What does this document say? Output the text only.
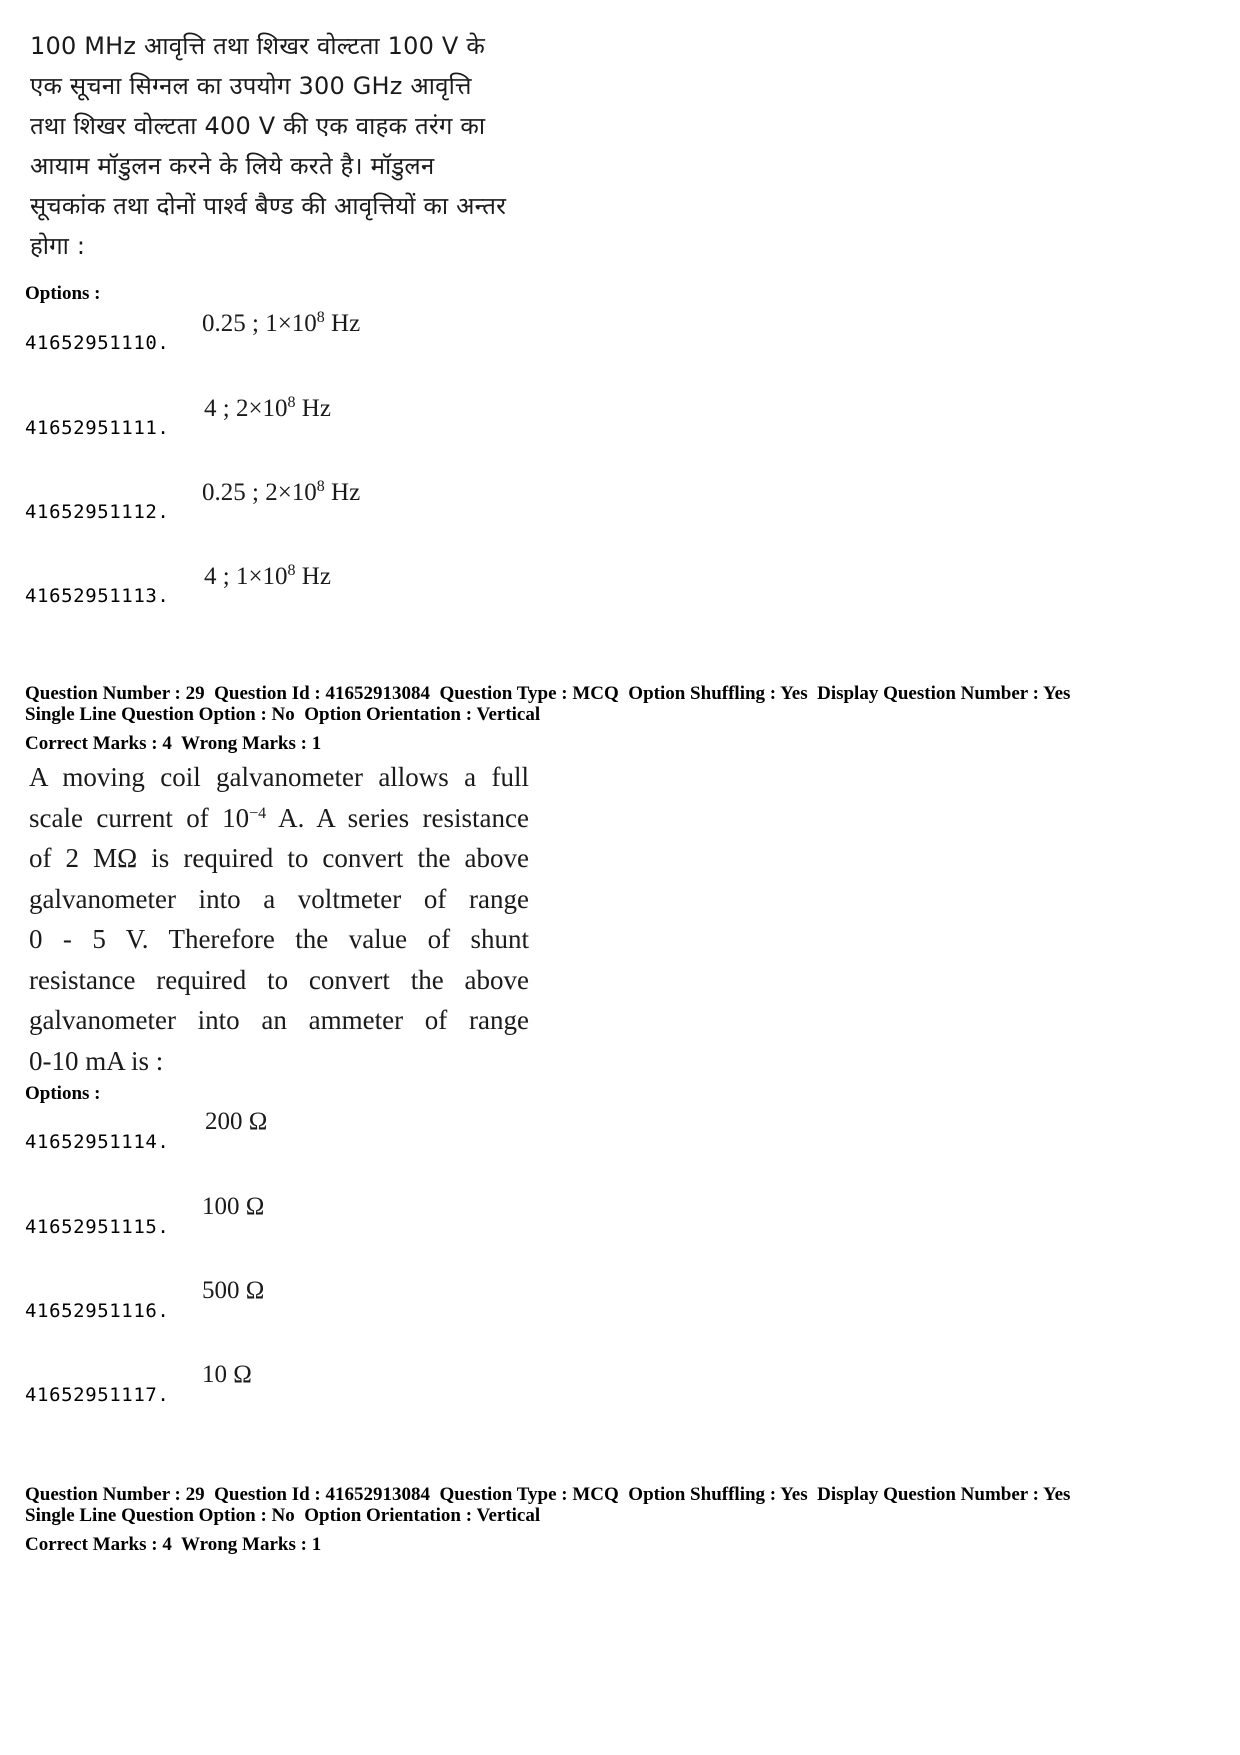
100 MHz आवृत्ति तथा शिखर वोल्टता 100 V के
एक सूचना सिग्नल का उपयोग 300 GHz आवृत्ति
तथा शिखर वोल्टता 400 V की एक वाहक तरंग का
आयाम मॉडुलन करने के लिये करते है। मॉडुलन
सूचकांक तथा दोनों पार्श्व बैण्ड की आवृत्तियों का अन्तर
होगा :
Options :
41652951110.
0.25 ; $1\times 10^8$ Hz
41652951111.
4 ; $2\times 10^8$ Hz
41652951112.
0.25 ; $2\times 10^8$ Hz
41652951113.
4 ; $1\times 10^8$ Hz
Question Number : 29  Question Id : 41652913084  Question Type : MCQ  Option Shuffling : Yes  Display Question Number : Yes
Single Line Question Option : No  Option Orientation : Vertical
Correct Marks : 4  Wrong Marks : 1
A moving coil galvanometer allows a full
scale current of $10^{-4}$ A. A series resistance
of 2 MΩ is required to convert the above
galvanometer into a voltmeter of range
0 - 5 V. Therefore the value of shunt
resistance required to convert the above
galvanometer into an ammeter of range
0-10 mA is :
Options :
41652951114.
200 Ω
41652951115.
100 Ω
41652951116.
500 Ω
41652951117.
10 Ω
Question Number : 29  Question Id : 41652913084  Question Type : MCQ  Option Shuffling : Yes  Display Question Number : Yes
Single Line Question Option : No  Option Orientation : Vertical
Correct Marks : 4  Wrong Marks : 1
